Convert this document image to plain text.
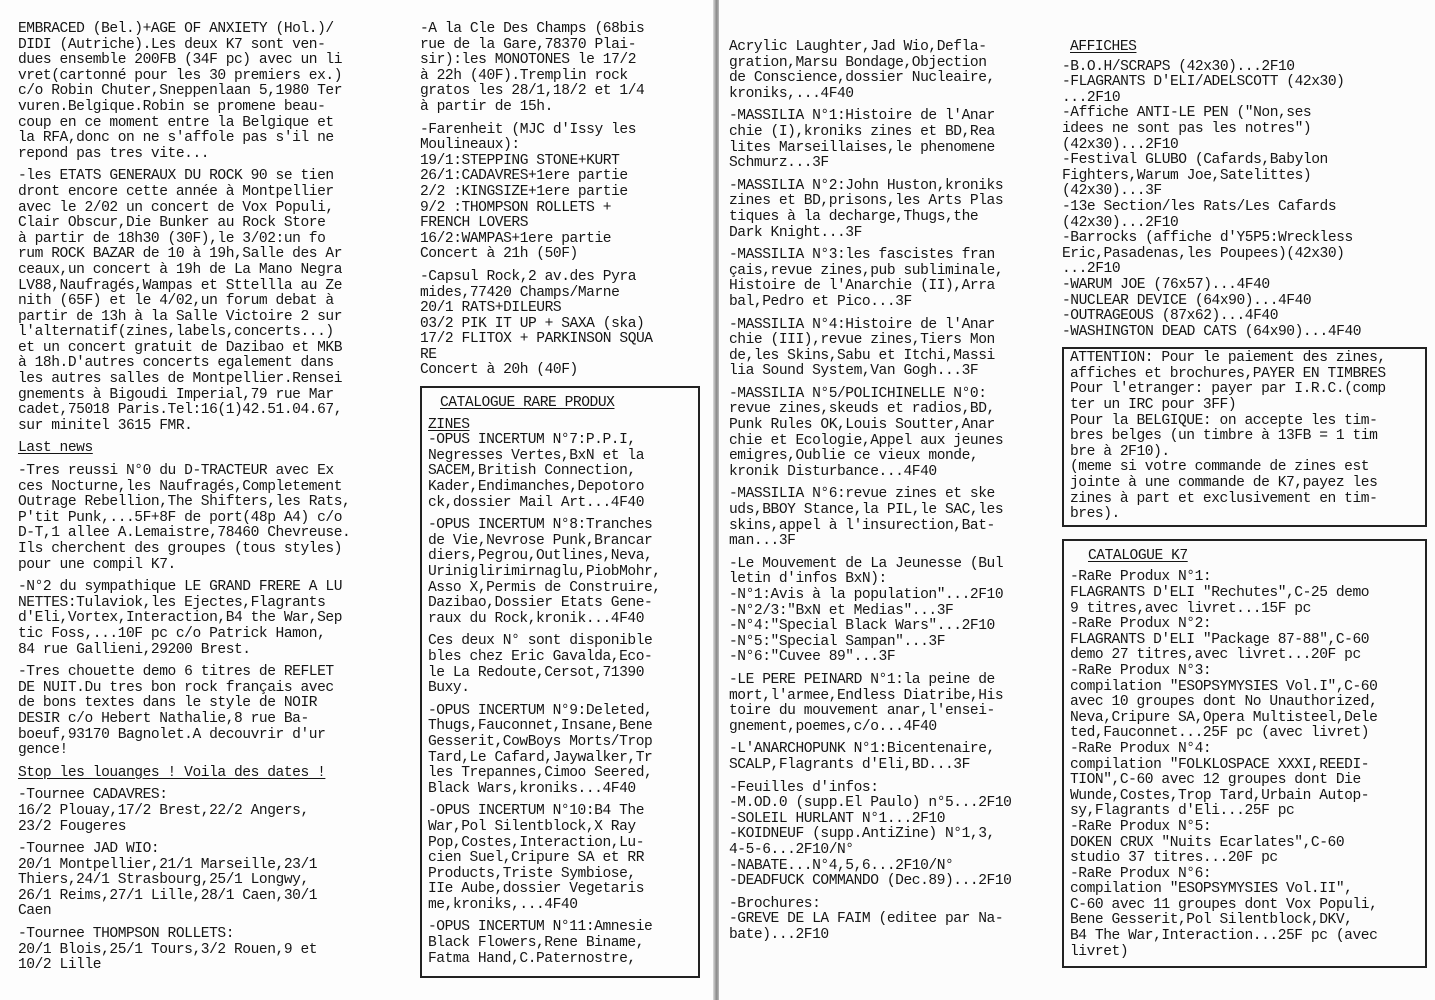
EMBRACED (Bel.)+AGE OF ANXIETY (Hol.)/
DIDI (Autriche).Les deux K7 sont ven-
dues ensemble 200FB (34F pc) avec un li
vret(cartonné pour les 30 premiers ex.)
c/o Robin Chuter,Sneppenlaan 5,1980 Ter
vuren.Belgique.Robin se promene beau-
coup en ce moment entre la Belgique et
la RFA,donc on ne s'affole pas s'il ne
repond pas tres vite...

-les ETATS GENERAUX DU ROCK 90 se tien
dront encore cette année à Montpellier
avec le 2/02 un concert de Vox Populi,
Clair Obscur,Die Bunker au Rock Store
à partir de 18h30 (30F),le 3/02:un fo
rum ROCK BAZAR de 10 à 19h,Salle des Ar
ceaux,un concert à 19h de La Mano Negra
LV88,Naufragés,Wampas et Sttellla au Ze
nith (65F) et le 4/02,un forum debat à
partir de 13h à la Salle Victoire 2 sur
l'alternatif(zines,labels,concerts...)
et un concert gratuit de Dazibao et MKB
à 18h.D'autres concerts egalement dans
les autres salles de Montpellier.Rensei
gnements à Bigoudi Imperial,79 rue Mar
cadet,75018 Paris.Tel:16(1)42.51.04.67,
sur minitel 3615 FMR.

Last news

-Tres reussi N°0 du D-TRACTEUR avec Ex
ces Nocturne,les Naufragés,Completement
Outrage Rebellion,The Shifters,les Rats,
P'tit Punk,...5F+8F de port(48p A4) c/o
D-T,1 allee A.Lemaistre,78460 Chevreuse.
Ils cherchent des groupes (tous styles)
pour une compil K7.

-N°2 du sympathique LE GRAND FRERE A LU
NETTES:Tulaviok,les Ejectes,Flagrants
d'Eli,Vortex,Interaction,B4 the War,Sep
tic Foss,...10F pc c/o Patrick Hamon,
84 rue Gallieni,29200 Brest.

-Tres chouette demo 6 titres de REFLET
DE NUIT.Du tres bon rock français avec
de bons textes dans le style de NOIR
DESIR c/o Hebert Nathalie,8 rue Ba-
boeuf,93170 Bagnolet.A decouvrir d'ur
gence!

Stop les louanges ! Voila des dates !

-Tournee CADAVRES:
16/2 Plouay,17/2 Brest,22/2 Angers,
23/2 Fougeres

-Tournee JAD WIO:
20/1 Montpellier,21/1 Marseille,23/1
Thiers,24/1 Strasbourg,25/1 Longwy,
26/1 Reims,27/1 Lille,28/1 Caen,30/1
Caen

-Tournee THOMPSON ROLLETS:
20/1 Blois,25/1 Tours,3/2 Rouen,9 et
10/2 Lille

-A la Cle Des Champs (68bis
rue de la Gare,78370 Plai-
sir):les MONOTONES le 17/2
à 22h (40F).Tremplin rock
gratos les 28/1,18/2 et 1/4
à partir de 15h.

-Farenheit (MJC d'Issy les
Moulineaux):
19/1:STEPPING STONE+KURT
26/1:CADAVRES+1ere partie
2/2 :KINGSIZE+1ere partie
9/2 :THOMPSON ROLLETS +
FRENCH LOVERS
16/2:WAMPAS+1ere partie
Concert à 21h (50F)

-Capsul Rock,2 av.des Pyra
mides,77420 Champs/Marne
20/1 RATS+DILEURS
03/2 PIK IT UP + SAXA (ska)
17/2 FLITOX + PARKINSON SQUA
RE
Concert à 20h (40F)

CATALOGUE RARE PRODUX

ZINES

-OPUS INCERTUM N°7:P.P.I,
Negresses Vertes,BxN et la
SACEM,British Connection,
Kader,Endimanches,Depotoro
ck,dossier Mail Art...4F40

-OPUS INCERTUM N°8:Tranches
de Vie,Nevrose Punk,Brancar
diers,Pegrou,Outlines,Neva,
Uriniglirimirnaglu,PiobMohr,
Asso X,Permis de Construire,
Dazibao,Dossier Etats Gene-
raux du Rock,kronik...4F40

Ces deux N° sont disponible
bles chez Eric Gavalda,Eco-
le La Redoute,Cersot,71390
Buxy.

-OPUS INCERTUM N°9:Deleted,
Thugs,Fauconnet,Insane,Bene
Gesserit,CowBoys Morts/Trop
Tard,Le Cafard,Jaywalker,Tr
les Trepannes,Cimoo Seered,
Black Wars,kroniks...4F40

-OPUS INCERTUM N°10:B4 The
War,Pol Silentblock,X Ray
Pop,Costes,Interaction,Lu-
cien Suel,Cripure SA et RR
Products,Triste Symbiose,
IIe Aube,dossier Vegetaris
me,kroniks,...4F40

-OPUS INCERTUM N°11:Amnesie
Black Flowers,Rene Biname,
Fatma Hand,C.Paternostre,

Acrylic Laughter,Jad Wio,Defla-
gration,Marsu Bondage,Objection
de Conscience,dossier Nucleaire,
kroniks,...4F40

-MASSILIA N°1:Histoire de l'Anar
chie (I),kroniks zines et BD,Rea
lites Marseillaises,le phenomene
Schmurz...3F

-MASSILIA N°2:John Huston,kroniks
zines et BD,prisons,les Arts Plas
tiques à la decharge,Thugs,the
Dark Knight...3F

-MASSILIA N°3:les fascistes fran
çais,revue zines,pub subliminale,
Histoire de l'Anarchie (II),Arra
bal,Pedro et Pico...3F

-MASSILIA N°4:Histoire de l'Anar
chie (III),revue zines,Tiers Mon
de,les Skins,Sabu et Itchi,Massi
lia Sound System,Van Gogh...3F

-MASSILIA N°5/POLICHINELLE N°0:
revue zines,skeuds et radios,BD,
Punk Rules OK,Louis Soutter,Anar
chie et Ecologie,Appel aux jeunes
emigres,Oublie ce vieux monde,
kronik Disturbance...4F40

-MASSILIA N°6:revue zines et ske
uds,BBOY Stance,la PIL,le SAC,les
skins,appel à l'insurection,Bat-
man...3F

-Le Mouvement de La Jeunesse (Bul
letin d'infos BxN):
-N°1:Avis à la population"...2F10
-N°2/3:"BxN et Medias"...3F
-N°4:"Special Black Wars"...2F10
-N°5:"Special Sampan"...3F
-N°6:"Cuvee 89"...3F

-LE PERE PEINARD N°1:la peine de
mort,l'armee,Endless Diatribe,His
toire du mouvement anar,l'ensei-
gnement,poemes,c/o...4F40

-L'ANARCHOPUNK N°1:Bicentenaire,
SCALP,Flagrants d'Eli,BD...3F

-Feuilles d'infos:
-M.OD.0 (supp.El Paulo) n°5...2F10
-SOLEIL HURLANT N°1...2F10
-KOIDNEUF (supp.AntiZine) N°1,3,
4-5-6...2F10/N°
-NABATE...N°4,5,6...2F10/N°
-DEADFUCK COMMANDO (Dec.89)...2F10

-Brochures:
-GREVE DE LA FAIM (editee par Na-
bate)...2F10

AFFICHES

-B.O.H/SCRAPS (42x30)...2F10
-FLAGRANTS D'ELI/ADELSCOTT (42x30)
...2F10
-Affiche ANTI-LE PEN ("Non,ses
idees ne sont pas les notres")
(42x30)...2F10
-Festival GLUBO (Cafards,Babylon
Fighters,Warum Joe,Satelittes)
(42x30)...3F
-13e Section/les Rats/Les Cafards
(42x30)...2F10
-Barrocks (affiche d'Y5P5:Wreckless
Eric,Pasadenas,les Poupees)(42x30)
...2F10
-WARUM JOE (76x57)...4F40
-NUCLEAR DEVICE (64x90)...4F40
-OUTRAGEOUS (87x62)...4F40
-WASHINGTON DEAD CATS (64x90)...4F40

ATTENTION: Pour le paiement des zines,
affiches et brochures,PAYER EN TIMBRES
Pour l'etranger: payer par I.R.C.(comp
ter un IRC pour 3FF)
Pour la BELGIQUE: on accepte les tim-
bres belges (un timbre à 13FB = 1 tim
bre à 2F10).
(meme si votre commande de zines est
jointe à une commande de K7,payez les
zines à part et exclusivement en tim-
bres).

CATALOGUE K7

-RaRe Produx N°1:
FLAGRANTS D'ELI "Rechutes",C-25 demo
9 titres,avec livret...15F pc

-RaRe Produx N°2:
FLAGRANTS D'ELI "Package 87-88",C-60
demo 27 titres,avec livret...20F pc

-RaRe Produx N°3:
compilation "ESOPSYMYSIES Vol.I",C-60
avec 10 groupes dont No Unauthorized,
Neva,Cripure SA,Opera Multisteel,Dele
ted,Fauconnet...25F pc (avec livret)

-RaRe Produx N°4:
compilation "FOLKLOSPACE XXXI,REEDI-
TION",C-60 avec 12 groupes dont Die
Wunde,Costes,Trop Tard,Urbain Autop-
sy,Flagrants d'Eli...25F pc

-RaRe Produx N°5:
DOKEN CRUX "Nuits Ecarlates",C-60
studio 37 titres...20F pc

-RaRe Produx N°6:
compilation "ESOPSYMYSIES Vol.II",
C-60 avec 11 groupes dont Vox Populi,
Bene Gesserit,Pol Silentblock,DKV,
B4 The War,Interaction...25F pc (avec
livret)
